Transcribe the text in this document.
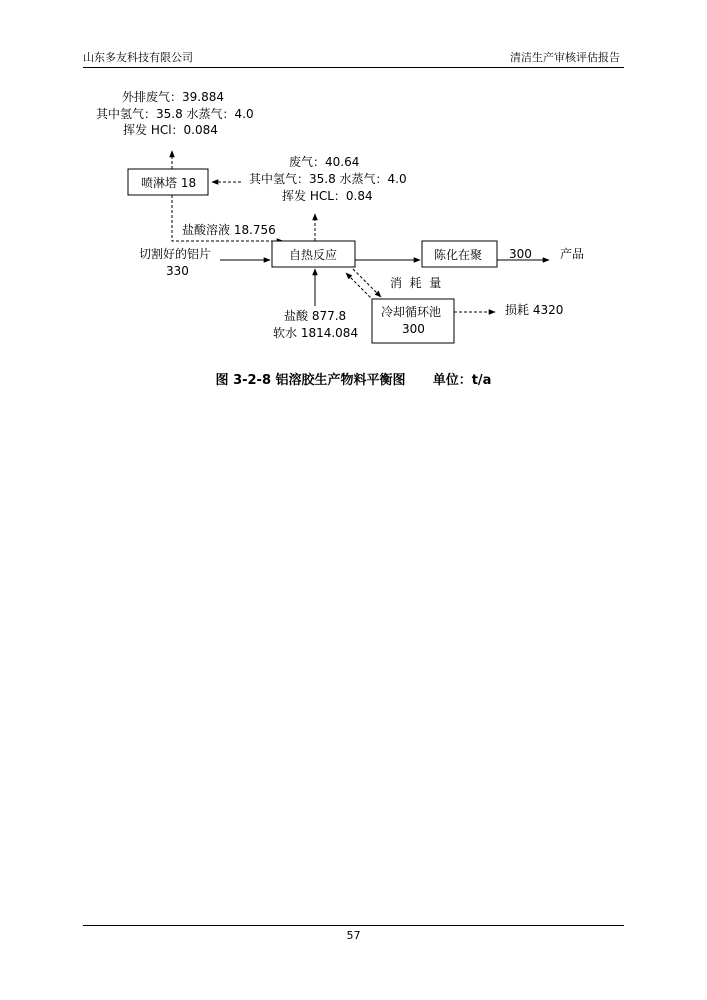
山东多友科技有限公司	清洁生产审核评估报告
外排废气：39.884
其中氢气：35.8 水蒸气：4.0
挥发 HCl：0.084
喷淋塔 18
废气：40.64
其中氢气：35.8 水蒸气：4.0
挥发 HCL：0.84
盐酸溶液 18.756
切割好的铝片
330
自热反应	陈化在聚 300 产品
消  耗  量
冷却循环池
300
损耗 4320
盐酸 877.8
软水 1814.084
图 3-2-8 铝溶胶生产物料平衡图 单位：t/a
57
